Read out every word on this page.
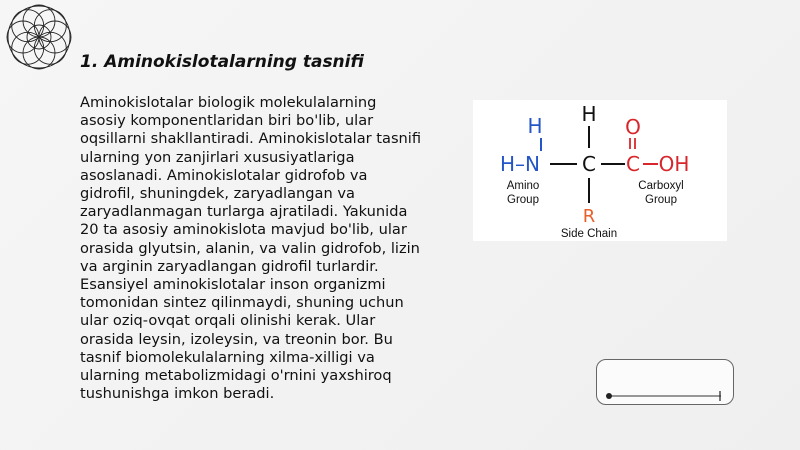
1. Aminokislotalarning tasnifi

Aminokislotalar biologik molekulalarning asosiy komponentlaridan biri bo'lib, ular oqsillarni shakllantiradi. Aminokislotalar tasnifi ularning yon zanjirlari xususiyatlariga asoslanadi. Aminokislotalar gidrofob va gidrofil, shuningdek, zaryadlangan va zaryadlanmagan turlarga ajratiladi. Yakunida 20 ta asosiy aminokislota mavjud bo'lib, ular orasida glyutsin, alanin, va valin gidrofob, lizin va arginin zaryadlangan gidrofil turlardir. Esansiyel aminokislotalar inson organizmi tomonidan sintez qilinmaydi, shuning uchun ular oziq-ovqat orqali olinishi kerak. Ular orasida leysin, izoleysin, va treonin bor. Bu tasnif biomolekulalarning xilma-xilligi va ularning metabolizmidagi o'rnini yaxshiroq tushunishga imkon beradi.

H
H–N
Amino
Group
H
C
R
Side Chain
O
C OH
Carboxyl
Group
